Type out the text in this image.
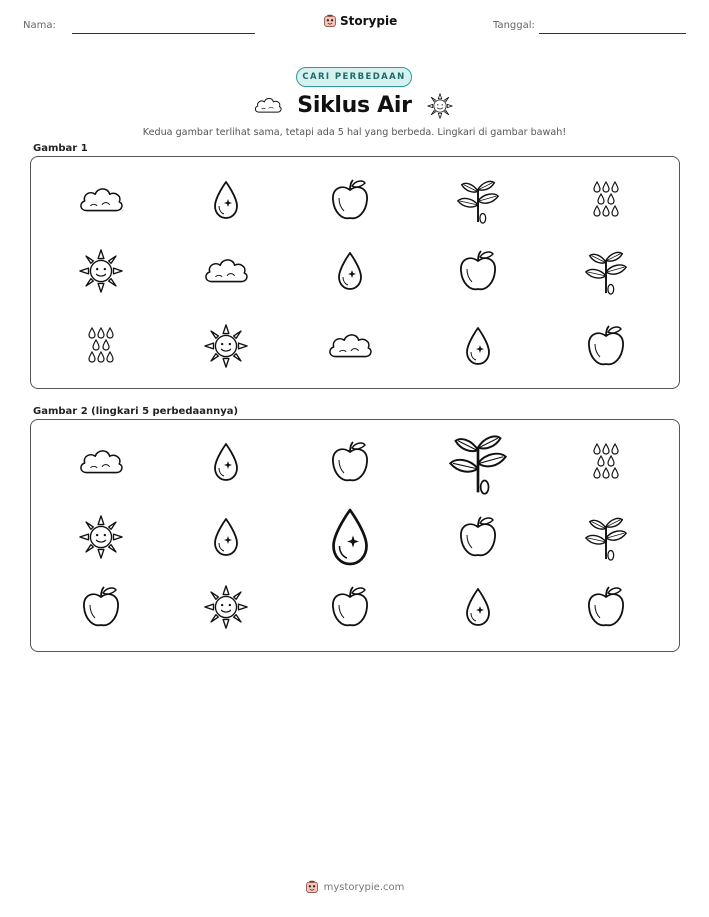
Nama:	Storypie	Tanggal:
CARI PERBEDAAN
Siklus Air
Kedua gambar terlihat sama, tetapi ada 5 hal yang berbeda. Lingkari di gambar bawah!
Gambar 1
Gambar 2 (lingkari 5 perbedaannya)
mystorypie.com
